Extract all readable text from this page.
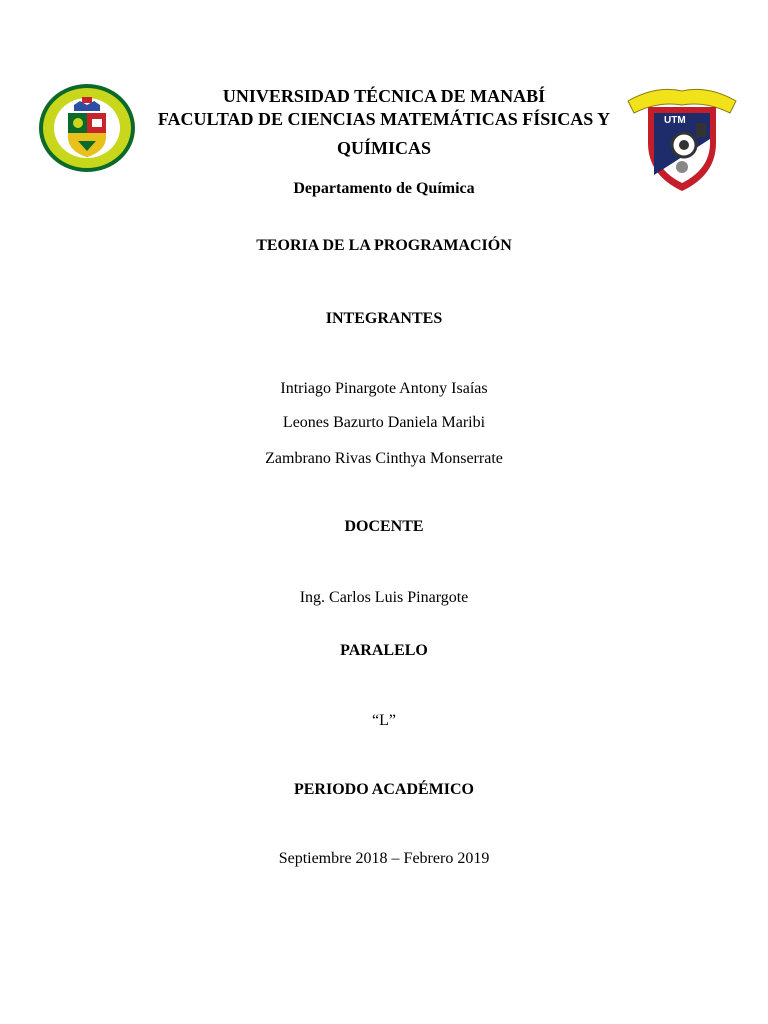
UTM
UNIVERSIDAD TÉCNICA DE MANABÍ
FACULTAD DE CIENCIAS MATEMÁTICAS FÍSICAS Y
QUÍMICAS
Departamento de Química
TEORIA DE LA PROGRAMACIÓN
INTEGRANTES
Intriago Pinargote Antony Isaías
Leones Bazurto Daniela Maribi
Zambrano Rivas Cinthya Monserrate
DOCENTE
Ing. Carlos Luis Pinargote
PARALELO
“L”
PERIODO ACADÉMICO
Septiembre 2018 – Febrero 2019
